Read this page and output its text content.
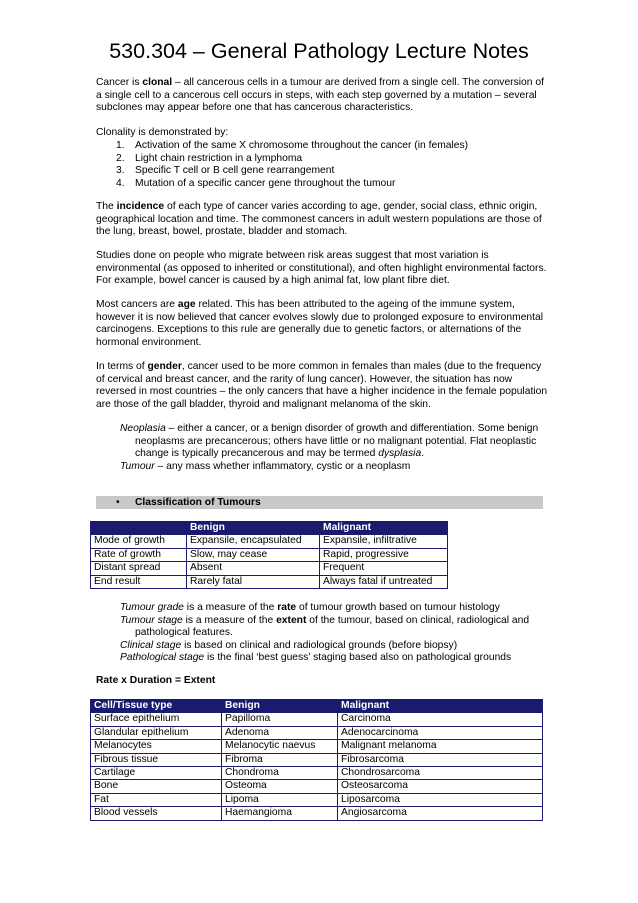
530.304 – General Pathology Lecture Notes

Cancer is clonal – all cancerous cells in a tumour are derived from a single cell. The conversion of a single cell to a cancerous cell occurs in steps, with each step governed by a mutation – several subclones may appear before one that has cancerous characteristics.

Clonality is demonstrated by:

1. Activation of the same X chromosome throughout the cancer (in females)
2. Light chain restriction in a lymphoma
3. Specific T cell or B cell gene rearrangement
4. Mutation of a specific cancer gene throughout the tumour

The incidence of each type of cancer varies according to age, gender, social class, ethnic origin, geographical location and time. The commonest cancers in adult western populations are those of the lung, breast, bowel, prostate, bladder and stomach.

Studies done on people who migrate between risk areas suggest that most variation is environmental (as opposed to inherited or constitutional), and often highlight environmental factors. For example, bowel cancer is caused by a high animal fat, low plant fibre diet.

Most cancers are age related. This has been attributed to the ageing of the immune system, however it is now believed that cancer evolves slowly due to prolonged exposure to environmental carcinogens. Exceptions to this rule are generally due to genetic factors, or alternations of the hormonal environment.

In terms of gender, cancer used to be more common in females than males (due to the frequency of cervical and breast cancer, and the rarity of lung cancer). However, the situation has now reversed in most countries – the only cancers that have a higher incidence in the female population are those of the gall bladder, thyroid and malignant melanoma of the skin.

Neoplasia – either a cancer, or a benign disorder of growth and differentiation. Some benign neoplasms are precancerous; others have little or no malignant potential. Flat neoplastic change is typically precancerous and may be termed dysplasia.
Tumour – any mass whether inflammatory, cystic or a neoplasm
• Classification of Tumours
	Benign	Malignant
Mode of growth	Expansile, encapsulated	Expansile, infiltrative
Rate of growth	Slow, may cease	Rapid, progressive
Distant spread	Absent	Frequent
End result	Rarely fatal	Always fatal if untreated
Tumour grade is a measure of the rate of tumour growth based on tumour histology
Tumour stage is a measure of the extent of the tumour, based on clinical, radiological and pathological features.
Clinical stage is based on clinical and radiological grounds (before biopsy)
Pathological stage is the final ‘best guess’ staging based also on pathological grounds
Rate x Duration = Extent
Cell/Tissue type	Benign	Malignant
Surface epithelium	Papilloma	Carcinoma
Glandular epithelium	Adenoma	Adenocarcinoma
Melanocytes	Melanocytic naevus	Malignant melanoma
Fibrous tissue	Fibroma	Fibrosarcoma
Cartilage	Chondroma	Chondrosarcoma
Bone	Osteoma	Osteosarcoma
Fat	Lipoma	Liposarcoma
Blood vessels	Haemangioma	Angiosarcoma
